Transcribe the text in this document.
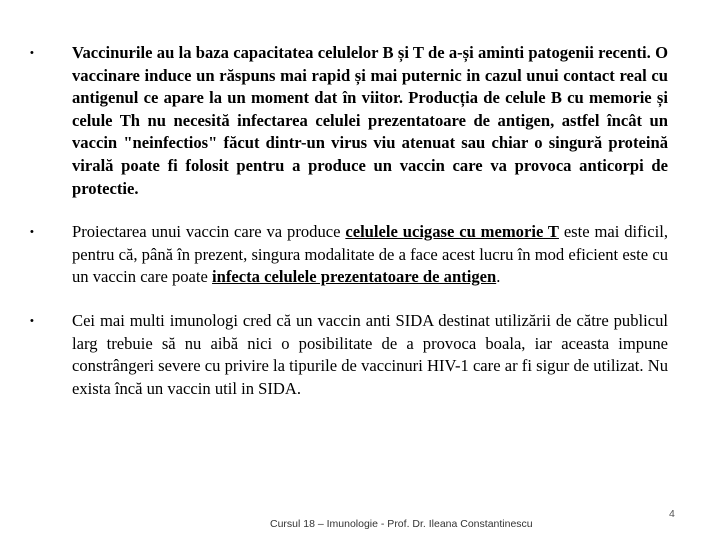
•	Vaccinurile au la baza capacitatea celulelor B și T de a-și aminti patogenii recenti. O vaccinare induce un răspuns mai rapid și mai puternic in cazul unui contact real cu antigenul ce apare la un moment dat în viitor. Producția de celule B cu memorie și celule Th nu necesită infectarea celulei prezentatoare de antigen, astfel încât un vaccin "neinfectios" făcut dintr-un virus viu atenuat sau chiar o singură proteină virală poate fi folosit pentru a produce un vaccin care va provoca anticorpi de protectie.

•	Proiectarea unui vaccin care va produce celulele ucigase cu memorie T este mai dificil, pentru că, până în prezent, singura modalitate de a face acest lucru în mod eficient este cu un vaccin care poate infecta celulele prezentatoare de antigen.

•	Cei mai multi imunologi cred că un vaccin anti SIDA destinat utilizării de către publicul larg trebuie să nu aibă nici o posibilitate de a provoca boala, iar aceasta impune constrângeri severe cu privire la tipurile de vaccinuri HIV-1 care ar fi sigur de utilizat. Nu exista încă un vaccin util in SIDA.

Cursul 18 – Imunologie - Prof. Dr. Ileana Constantinescu
4
